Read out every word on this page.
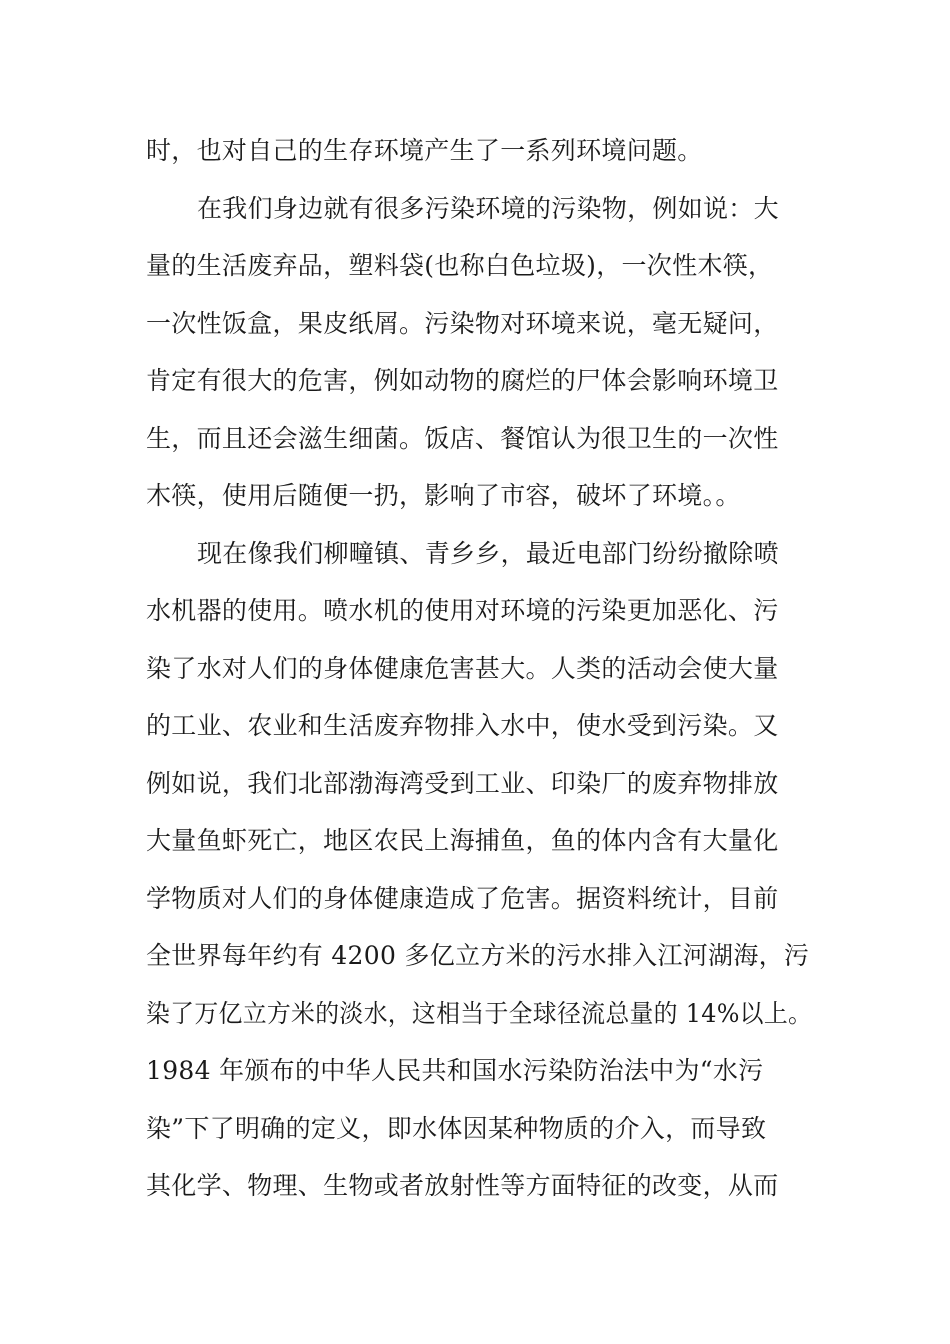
时，也对自己的生存环境产生了一系列环境问题。
在我们身边就有很多污染环境的污染物，例如说：大
量的生活废弃品，塑料袋(也称白色垃圾)，一次性木筷，
一次性饭盒，果皮纸屑。污染物对环境来说，毫无疑问，
肯定有很大的危害，例如动物的腐烂的尸体会影响环境卫
生，而且还会滋生细菌。饭店、餐馆认为很卫生的一次性
木筷，使用后随便一扔，影响了市容，破坏了环境。。
现在像我们柳疃镇、青乡乡，最近电部门纷纷撤除喷
水机器的使用。喷水机的使用对环境的污染更加恶化、污
染了水对人们的身体健康危害甚大。人类的活动会使大量
的工业、农业和生活废弃物排入水中，使水受到污染。又
例如说，我们北部渤海湾受到工业、印染厂的废弃物排放
大量鱼虾死亡，地区农民上海捕鱼，鱼的体内含有大量化
学物质对人们的身体健康造成了危害。据资料统计，目前
全世界每年约有 4200 多亿立方米的污水排入江河湖海，污
染了万亿立方米的淡水，这相当于全球径流总量的 14%以上。
1984 年颁布的中华人民共和国水污染防治法中为“水污
染”下了明确的定义，即水体因某种物质的介入，而导致
其化学、物理、生物或者放射性等方面特征的改变，从而
